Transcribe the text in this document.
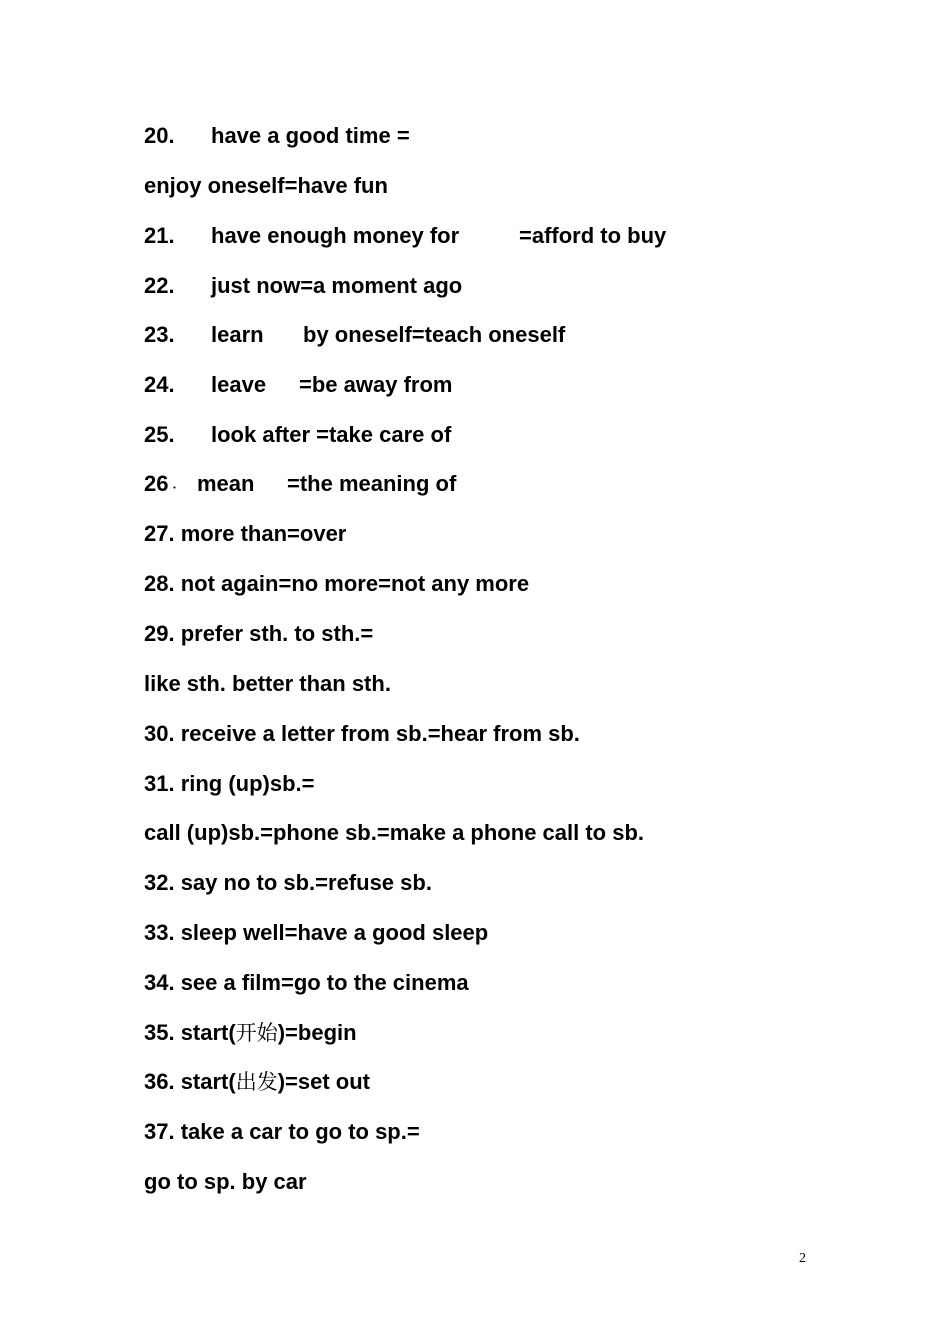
20. have a good time =
enjoy oneself=have fun
21. have enough money for	=afford to buy
22. just now=a moment ago
23. learn by oneself=teach oneself
24. leave =be away from
25. look after =take care of
26 ． mean =the meaning of
27. more than=over
28. not again=no more=not any more
29. prefer sth. to sth.=
like sth. better than sth.
30. receive a letter from sb.=hear from sb.
31. ring (up)sb.=
call (up)sb.=phone sb.=make a phone call to sb.
32. say no to sb.=refuse sb.
33. sleep well=have a good sleep
34. see a film=go to the cinema
35. start(开始)=begin
36. start(出发)=set out
37. take a car to go to sp.=
go to sp. by car
2
